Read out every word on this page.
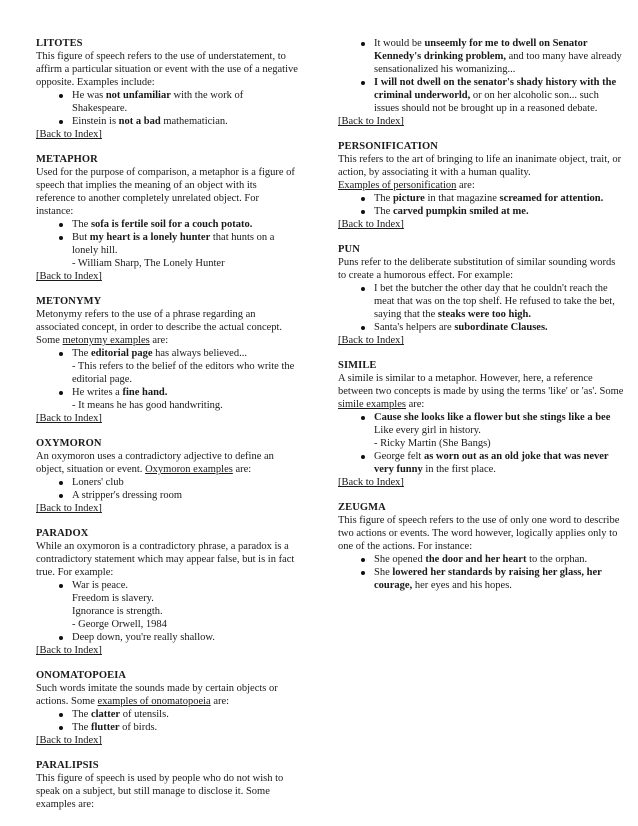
LITOTES
This figure of speech refers to the use of understatement, to affirm a particular situation or event with the use of a negative opposite. Examples include:
He was not unfamiliar with the work of Shakespeare.
Einstein is not a bad mathematician.
[Back to Index]
METAPHOR
Used for the purpose of comparison, a metaphor is a figure of speech that implies the meaning of an object with its reference to another completely unrelated object. For instance:
The sofa is fertile soil for a couch potato.
But my heart is a lonely hunter that hunts on a lonely hill.
- William Sharp, The Lonely Hunter
[Back to Index]
METONYMY
Metonymy refers to the use of a phrase regarding an associated concept, in order to describe the actual concept. Some metonymy examples are:
The editorial page has always believed...
- This refers to the belief of the editors who write the editorial page.
He writes a fine hand.
- It means he has good handwriting.
[Back to Index]
OXYMORON
An oxymoron uses a contradictory adjective to define an object, situation or event. Oxymoron examples are:
Loners' club
A stripper's dressing room
[Back to Index]
PARADOX
While an oxymoron is a contradictory phrase, a paradox is a contradictory statement which may appear false, but is in fact true. For example:
War is peace.
Freedom is slavery.
Ignorance is strength.
- George Orwell, 1984
Deep down, you're really shallow.
[Back to Index]
ONOMATOPOEIA
Such words imitate the sounds made by certain objects or actions. Some examples of onomatopoeia are:
The clatter of utensils.
The flutter of birds.
[Back to Index]
PARALIPSIS
This figure of speech is used by people who do not wish to speak on a subject, but still manage to disclose it. Some examples are:
It would be unseemly for me to dwell on Senator Kennedy's drinking problem, and too many have already sensationalized his womanizing...
I will not dwell on the senator's shady history with the criminal underworld, or on her alcoholic son... such issues should not be brought up in a reasoned debate.
[Back to Index]
PERSONIFICATION
This refers to the art of bringing to life an inanimate object, trait, or action, by associating it with a human quality.
Examples of personification are:
The picture in that magazine screamed for attention.
The carved pumpkin smiled at me.
[Back to Index]
PUN
Puns refer to the deliberate substitution of similar sounding words to create a humorous effect. For example:
I bet the butcher the other day that he couldn't reach the meat that was on the top shelf. He refused to take the bet, saying that the steaks were too high.
Santa's helpers are subordinate Clauses.
[Back to Index]
SIMILE
A simile is similar to a metaphor. However, here, a reference between two concepts is made by using the terms 'like' or 'as'. Some simile examples are:
Cause she looks like a flower but she stings like a bee
Like every girl in history.
- Ricky Martin (She Bangs)
George felt as worn out as an old joke that was never very funny in the first place.
[Back to Index]
ZEUGMA
This figure of speech refers to the use of only one word to describe two actions or events. The word however, logically applies only to one of the actions. For instance:
She opened the door and her heart to the orphan.
She lowered her standards by raising her glass, her courage, her eyes and his hopes.
